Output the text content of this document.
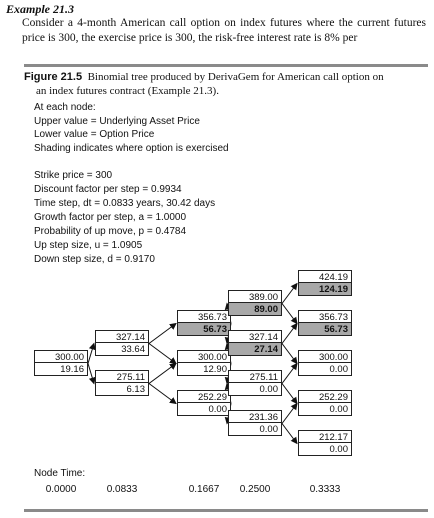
Example 21.3
Consider a 4-month American call option on index futures where the current futures price is 300, the exercise price is 300, the risk-free interest rate is 8% per
Figure 21.5 Binomial tree produced by DerivaGem for American call option on
an index futures contract (Example 21.3).
At each node:
Upper value = Underlying Asset Price
Lower value = Option Price
Shading indicates where option is exercised
Strike price = 300
Discount factor per step = 0.9934
Time step, dt = 0.0833 years, 30.42 days
Growth factor per step, a = 1.0000
Probability of up move, p = 0.4784
Up step size, u = 1.0905
Down step size, d = 0.9170
300.00
19.16
327.14
33.64
275.11
6.13
356.73
56.73
300.00
12.90
252.29
0.00
389.00
89.00
327.14
27.14
275.11
0.00
231.36
0.00
424.19
124.19
356.73
56.73
300.00
0.00
252.29
0.00
212.17
0.00
Node Time:
0.0000	0.0833	0.1667	0.2500	0.3333
